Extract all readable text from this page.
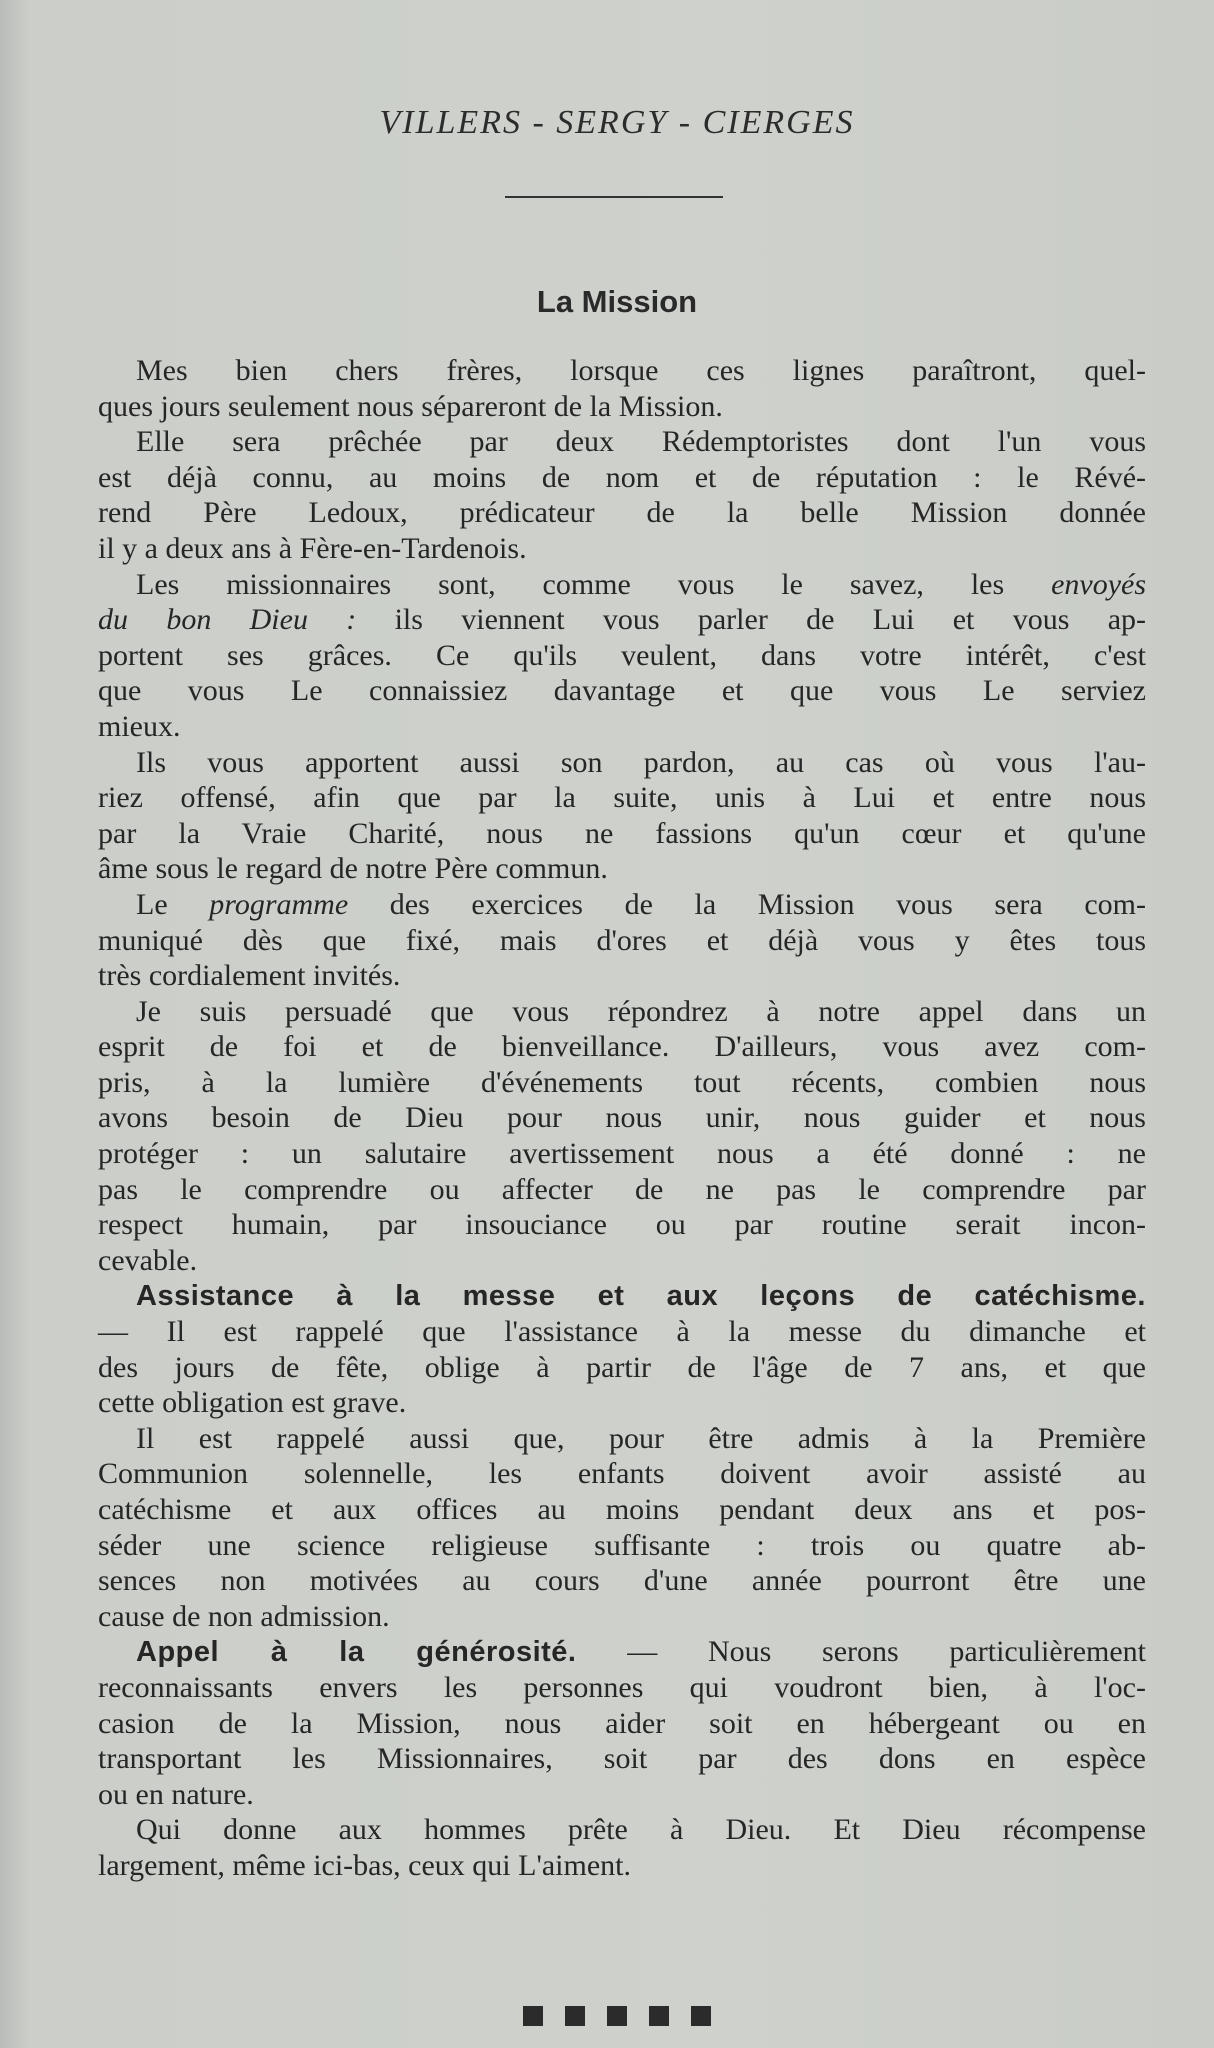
VILLERS - SERGY - CIERGES
La Mission
Mes bien chers frères, lorsque ces lignes paraîtront, quel-
ques jours seulement nous sépareront de la Mission.
Elle sera prêchée par deux Rédemptoristes dont l'un vous
est déjà connu, au moins de nom et de réputation : le Révé-
rend Père Ledoux, prédicateur de la belle Mission donnée
il y a deux ans à Fère-en-Tardenois.
Les missionnaires sont, comme vous le savez, les envoyés
du bon Dieu : ils viennent vous parler de Lui et vous ap-
portent ses grâces. Ce qu'ils veulent, dans votre intérêt, c'est
que vous Le connaissiez davantage et que vous Le serviez
mieux.
Ils vous apportent aussi son pardon, au cas où vous l'au-
riez offensé, afin que par la suite, unis à Lui et entre nous
par la Vraie Charité, nous ne fassions qu'un cœur et qu'une
âme sous le regard de notre Père commun.
Le programme des exercices de la Mission vous sera com-
muniqué dès que fixé, mais d'ores et déjà vous y êtes tous
très cordialement invités.
Je suis persuadé que vous répondrez à notre appel dans un
esprit de foi et de bienveillance. D'ailleurs, vous avez com-
pris, à la lumière d'événements tout récents, combien nous
avons besoin de Dieu pour nous unir, nous guider et nous
protéger : un salutaire avertissement nous a été donné : ne
pas le comprendre ou affecter de ne pas le comprendre par
respect humain, par insouciance ou par routine serait incon-
cevable.
Assistance à la messe et aux leçons de catéchisme.
— Il est rappelé que l'assistance à la messe du dimanche et
des jours de fête, oblige à partir de l'âge de 7 ans, et que
cette obligation est grave.
Il est rappelé aussi que, pour être admis à la Première
Communion solennelle, les enfants doivent avoir assisté au
catéchisme et aux offices au moins pendant deux ans et pos-
séder une science religieuse suffisante : trois ou quatre ab-
sences non motivées au cours d'une année pourront être une
cause de non admission.
Appel à la générosité. — Nous serons particulièrement
reconnaissants envers les personnes qui voudront bien, à l'oc-
casion de la Mission, nous aider soit en hébergeant ou en
transportant les Missionnaires, soit par des dons en espèce
ou en nature.
Qui donne aux hommes prête à Dieu. Et Dieu récompense
largement, même ici-bas, ceux qui L'aiment.
